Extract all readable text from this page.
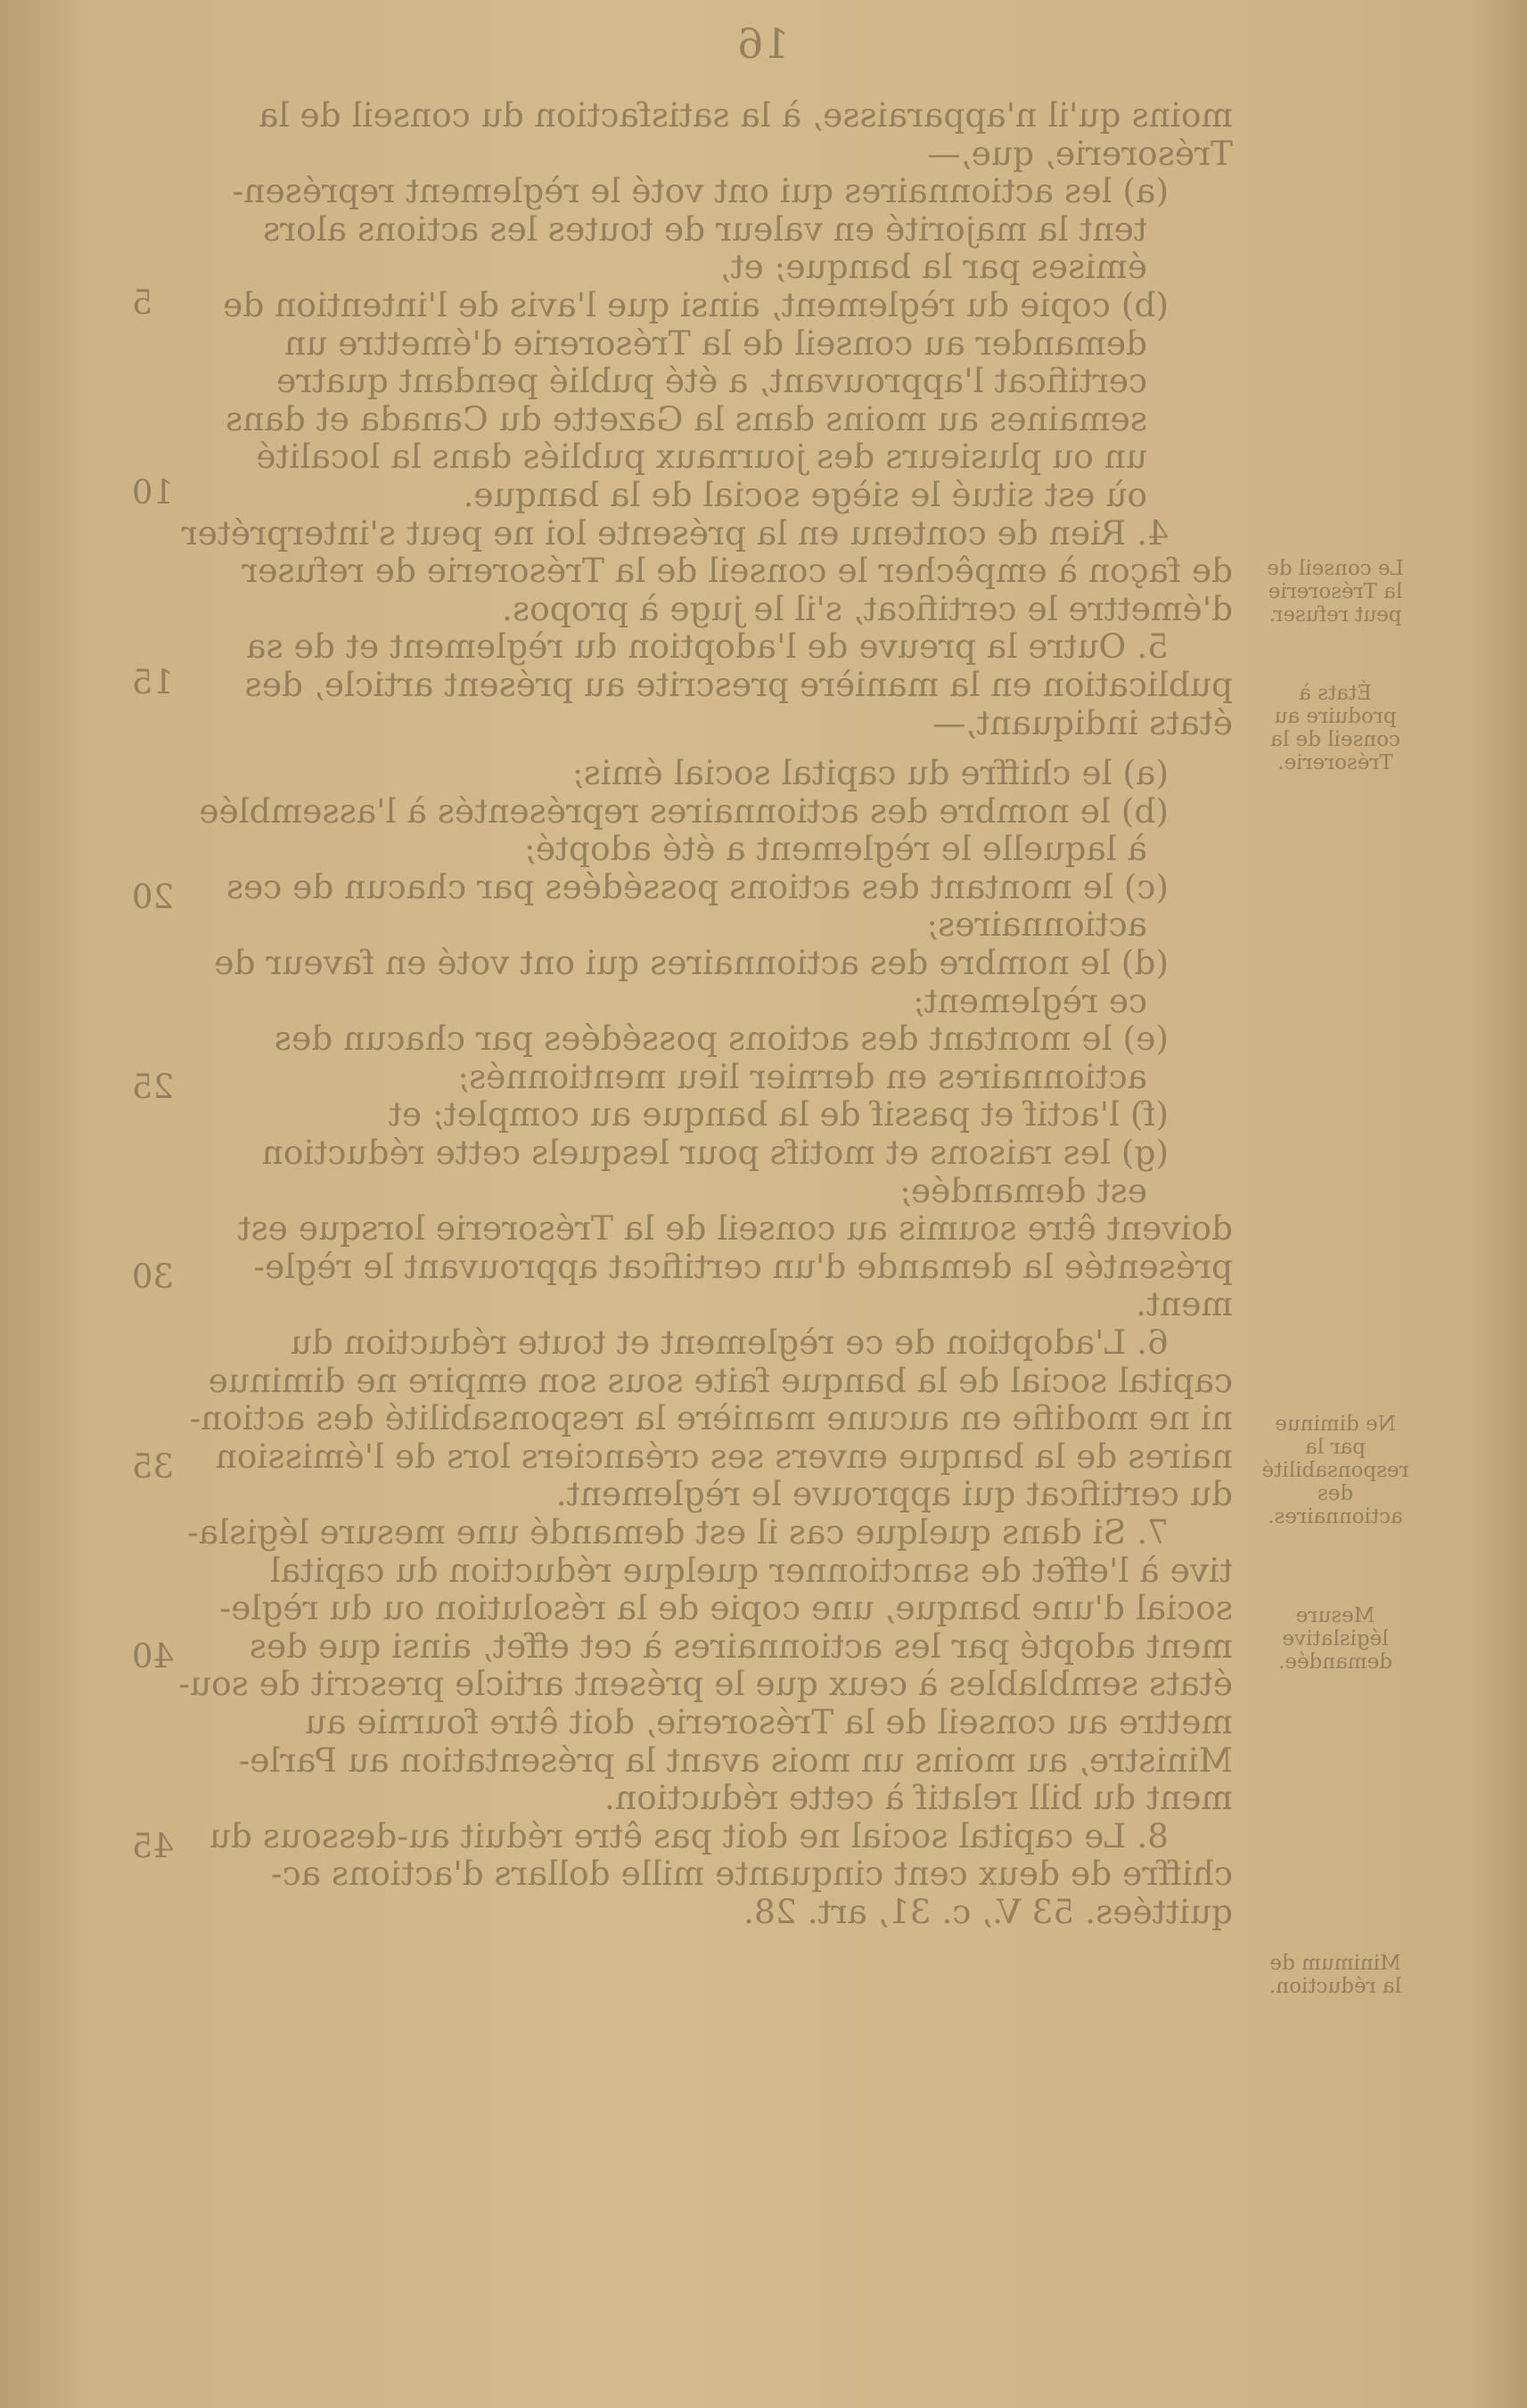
16
moins qu'il n'apparaisse, à la satisfaction du conseil de la
Trésorerie, que,—
(a) les actionnaires qui ont voté le règlement représen-
tent la majorité en valeur de toutes les actions alors
émises par la banque; et,
(b) copie du règlement, ainsi que l'avis de l'intention de
demander au conseil de la Trésorerie d'émettre un
certificat l'approuvant, a été publié pendant quatre
semaines au moins dans la Gazette du Canada et dans
un ou plusieurs des journaux publiés dans la localité
où est situé le siège social de la banque.
4. Rien de contenu en la présente loi ne peut s'interpréter
de façon à empêcher le conseil de la Trésorerie de refuser
d'émettre le certificat, s'il le juge à propos.
5. Outre la preuve de l'adoption du règlement et de sa
publication en la manière prescrite au présent article, des
états indiquant,—
(a) le chiffre du capital social émis;
(b) le nombre des actionnaires représentés à l'assemblée
à laquelle le règlement a été adopté;
(c) le montant des actions possédées par chacun de ces
actionnaires;
(d) le nombre des actionnaires qui ont voté en faveur de
ce règlement;
(e) le montant des actions possédées par chacun des
actionnaires en dernier lieu mentionnés;
(f) l'actif et passif de la banque au complet; et
(g) les raisons et motifs pour lesquels cette réduction
est demandée;
doivent être soumis au conseil de la Trésorerie lorsque est
présentée la demande d'un certificat approuvant le règle-
ment.
6. L'adoption de ce règlement et toute réduction du
capital social de la banque faite sous son empire ne diminue
ni ne modifie en aucune manière la responsabilité des action-
naires de la banque envers ses créanciers lors de l'émission
du certificat qui approuve le règlement.
7. Si dans quelque cas il est demandé une mesure législa-
tive à l'effet de sanctionner quelque réduction du capital
social d'une banque, une copie de la résolution ou du règle-
ment adopté par les actionnaires à cet effet, ainsi que des
états semblables à ceux que le présent article prescrit de sou-
mettre au conseil de la Trésorerie, doit être fournie au
Ministre, au moins un mois avant la présentation au Parle-
ment du bill relatif à cette réduction.
8. Le capital social ne doit pas être réduit au-dessous du
chiffre de deux cent cinquante mille dollars d'actions ac-
quittées. 53 V., c. 31, art. 28.
5
10
15
20
25
30
35
40
45
Le conseil de la Trésorerie peut refuser.
États à produire au conseil de la Trésorerie.
Ne diminue par la responsabilité des actionnaires.
Mesure législative demandée.
Minimum de la réduction.
